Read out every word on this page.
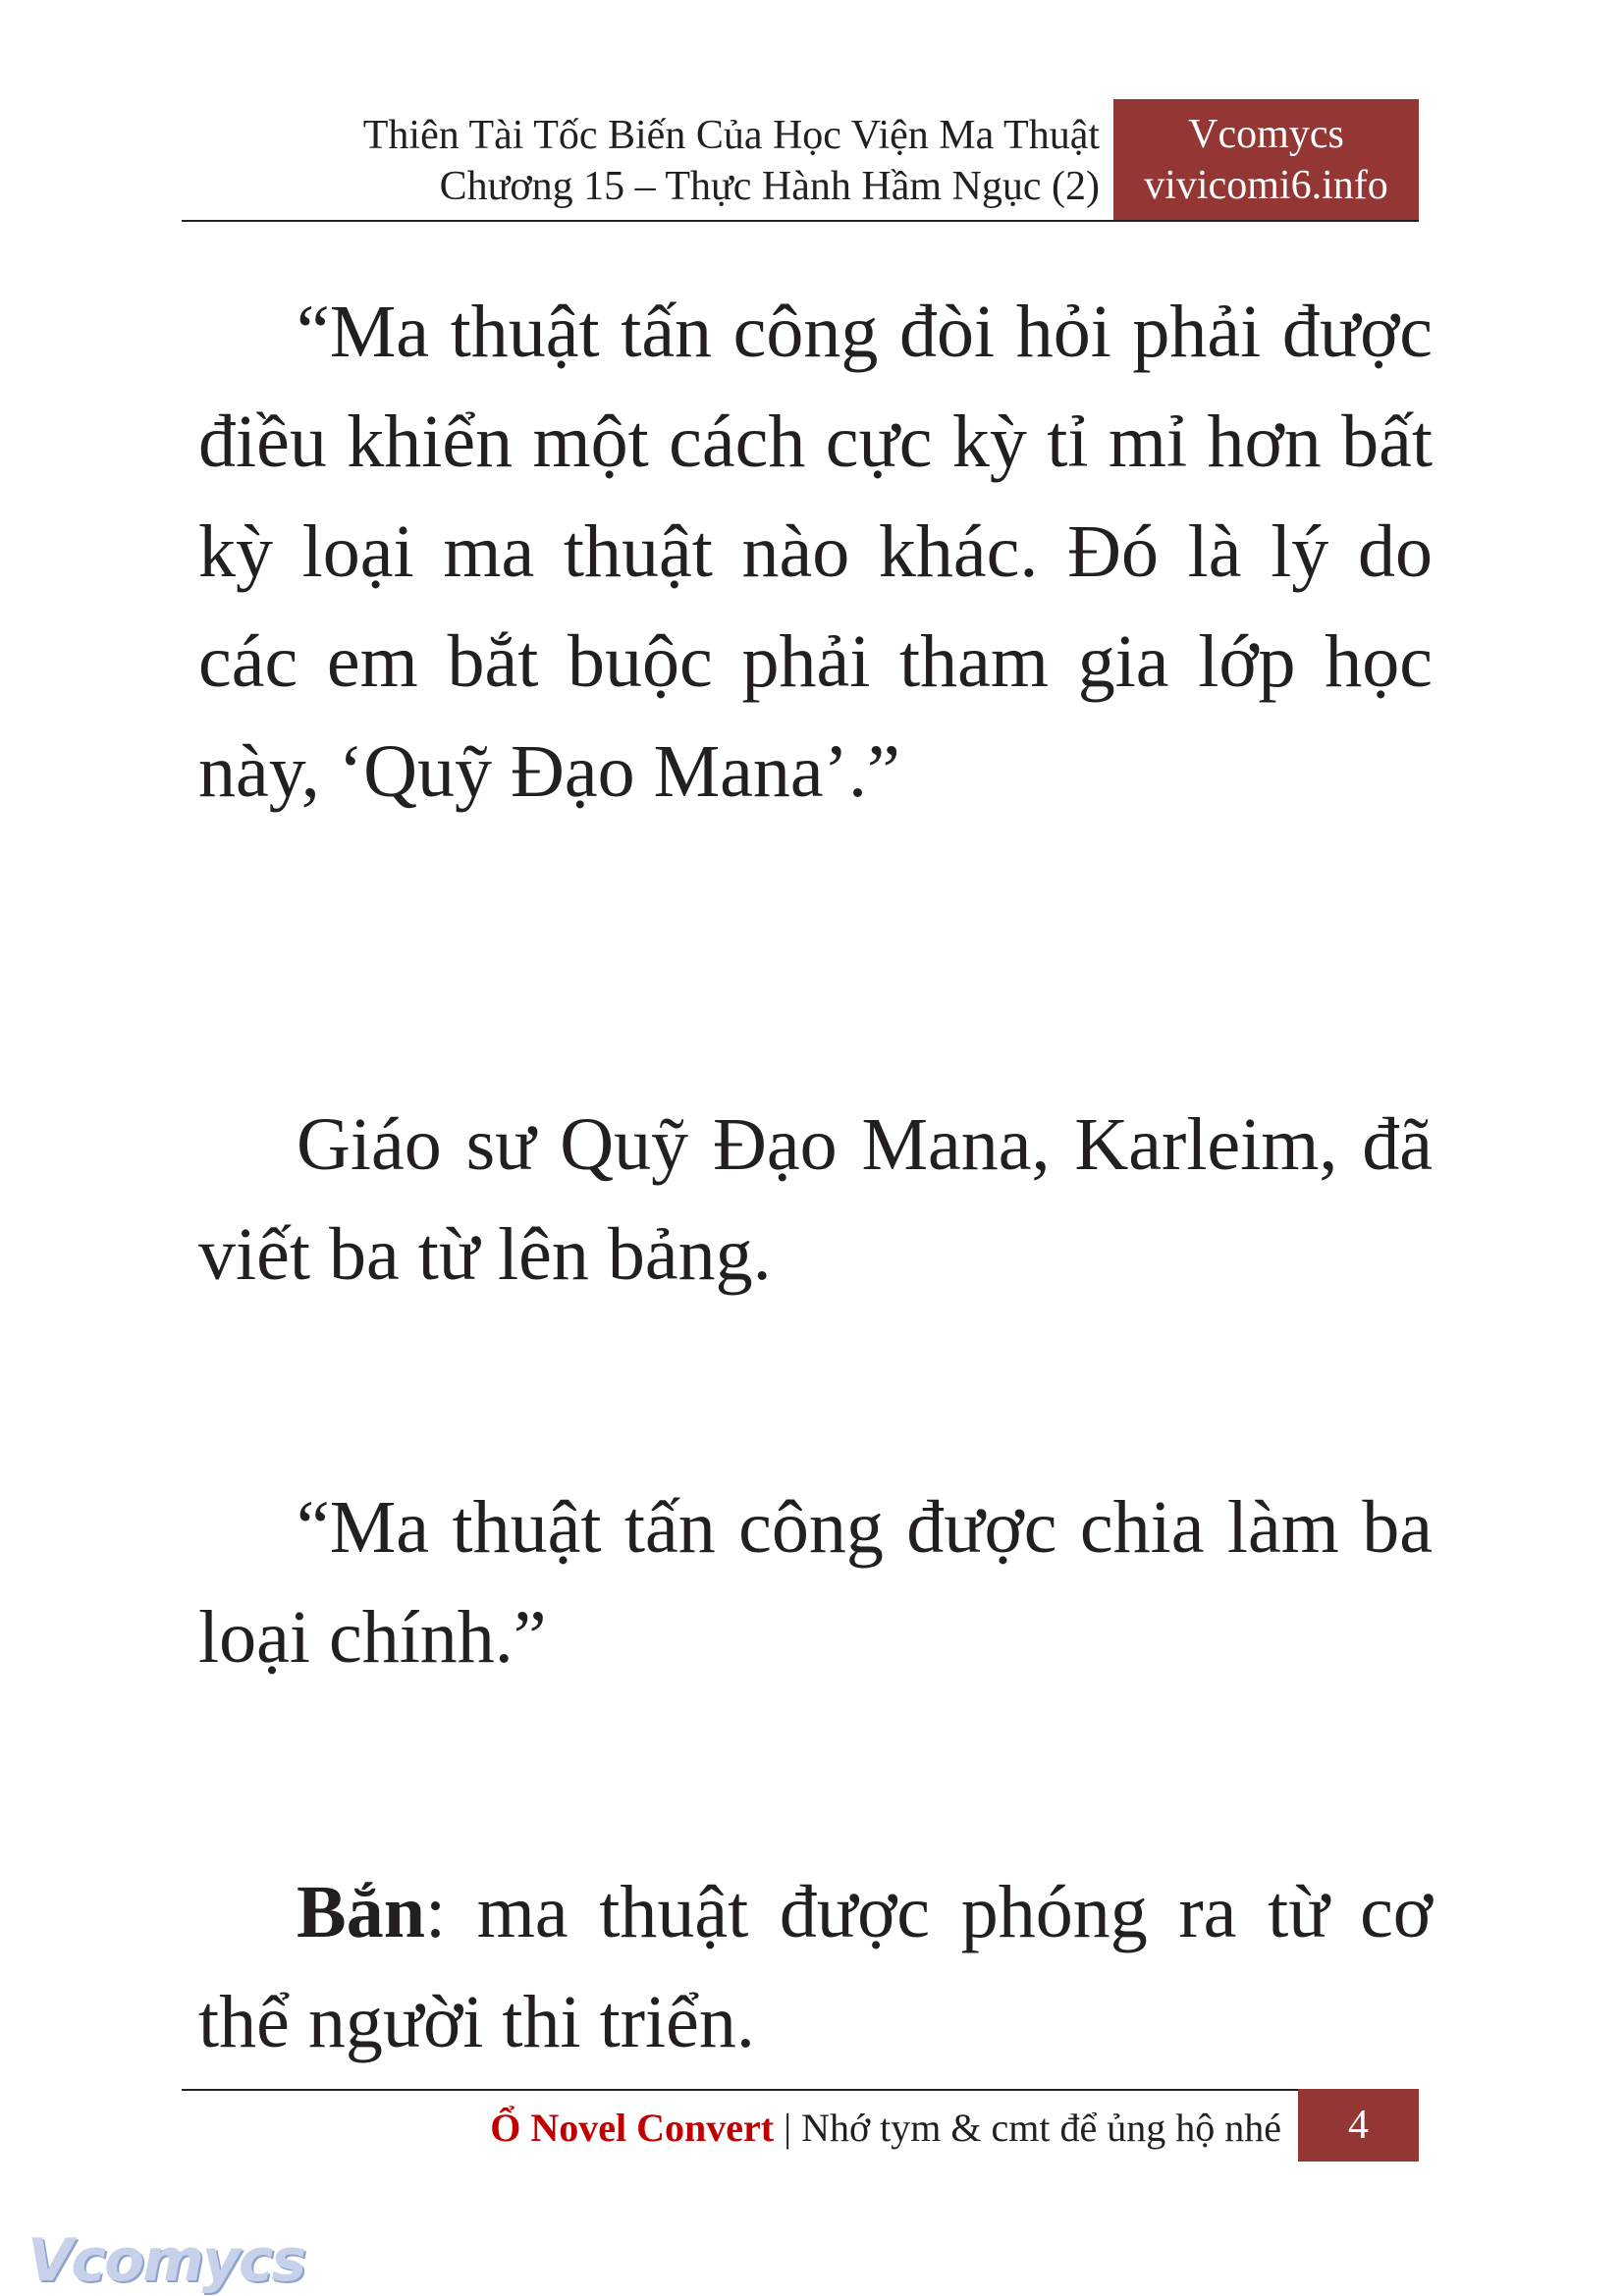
Thiên Tài Tốc Biến Của Học Viện Ma Thuật
Chương 15 – Thực Hành Hầm Ngục (2)
Vcomycs
vivicomi6.info

“Ma thuật tấn công đòi hỏi phải được điều khiển một cách cực kỳ tỉ mỉ hơn bất kỳ loại ma thuật nào khác. Đó là lý do các em bắt buộc phải tham gia lớp học này, ‘Quỹ Đạo Mana’.”

Giáo sư Quỹ Đạo Mana, Karleim, đã viết ba từ lên bảng.

“Ma thuật tấn công được chia làm ba loại chính.”

Bắn: ma thuật được phóng ra từ cơ thể người thi triển.

Ổ Novel Convert | Nhớ tym & cmt để ủng hộ nhé	4
Vcomycs
